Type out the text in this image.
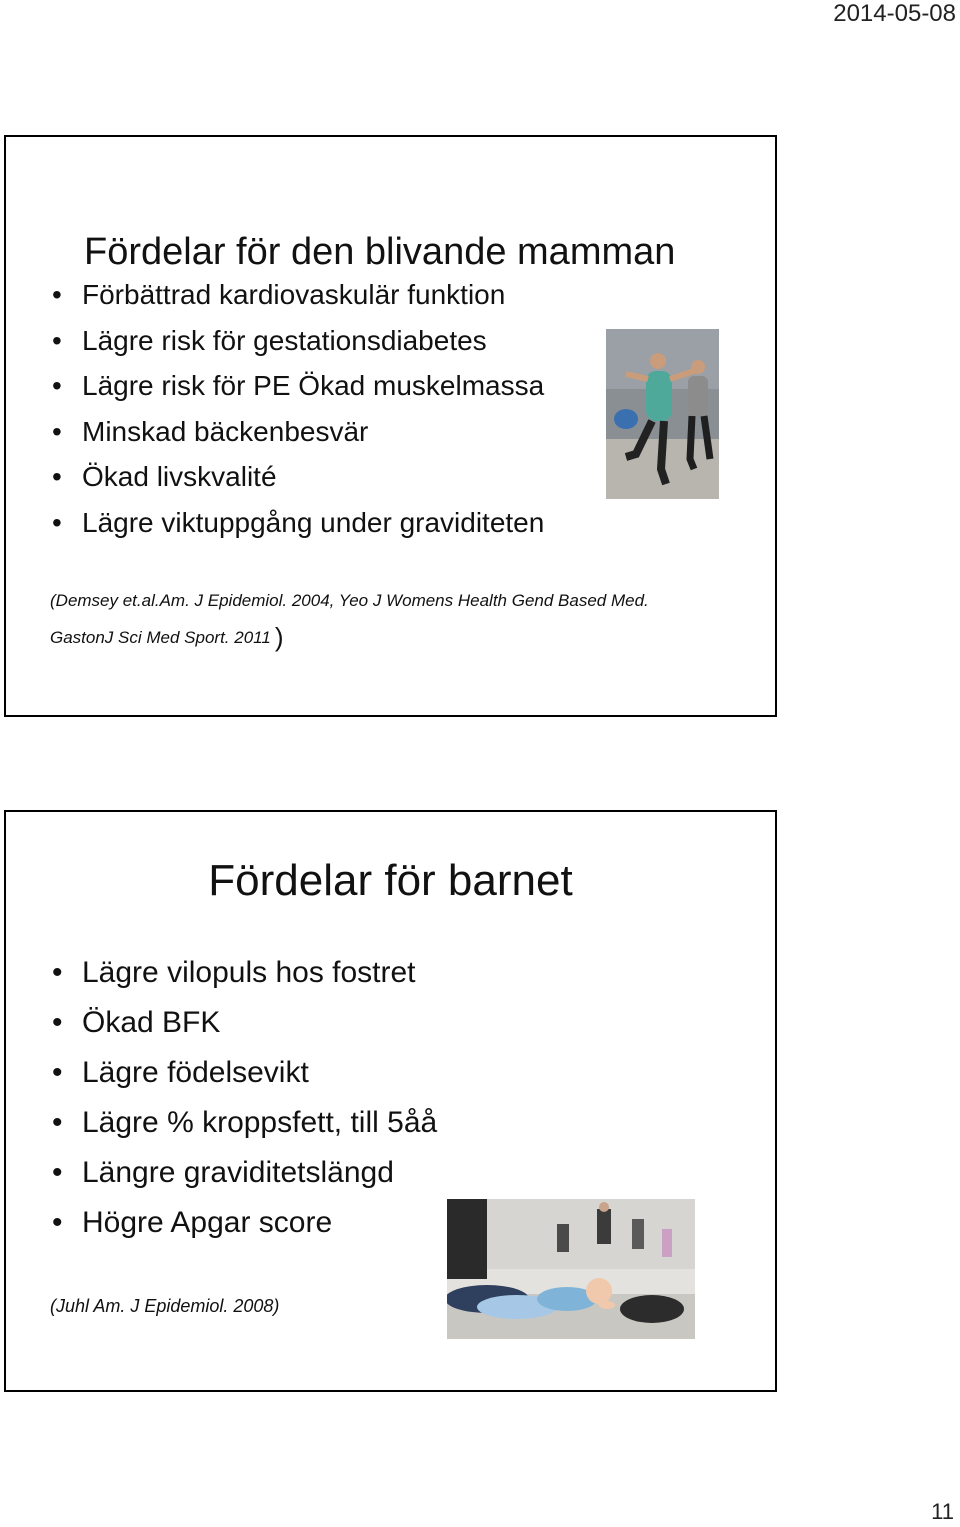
2014-05-08
Fördelar för den blivande mamman
• Förbättrad kardiovaskulär funktion
• Lägre risk för gestationsdiabetes
• Lägre risk för PE Ökad muskelmassa
• Minskad bäckenbesvär
• Ökad livskvalité
• Lägre viktuppgång under graviditeten
(Demsey et.al.Am. J Epidemiol. 2004, Yeo J Womens Health Gend Based Med.
GastonJ Sci Med Sport. 2011 )
Fördelar för barnet
• Lägre vilopuls hos fostret
• Ökad BFK
• Lägre födelsevikt
• Lägre % kroppsfett, till 5åå
• Längre graviditetslängd
• Högre Apgar score
(Juhl Am. J Epidemiol. 2008)
11
